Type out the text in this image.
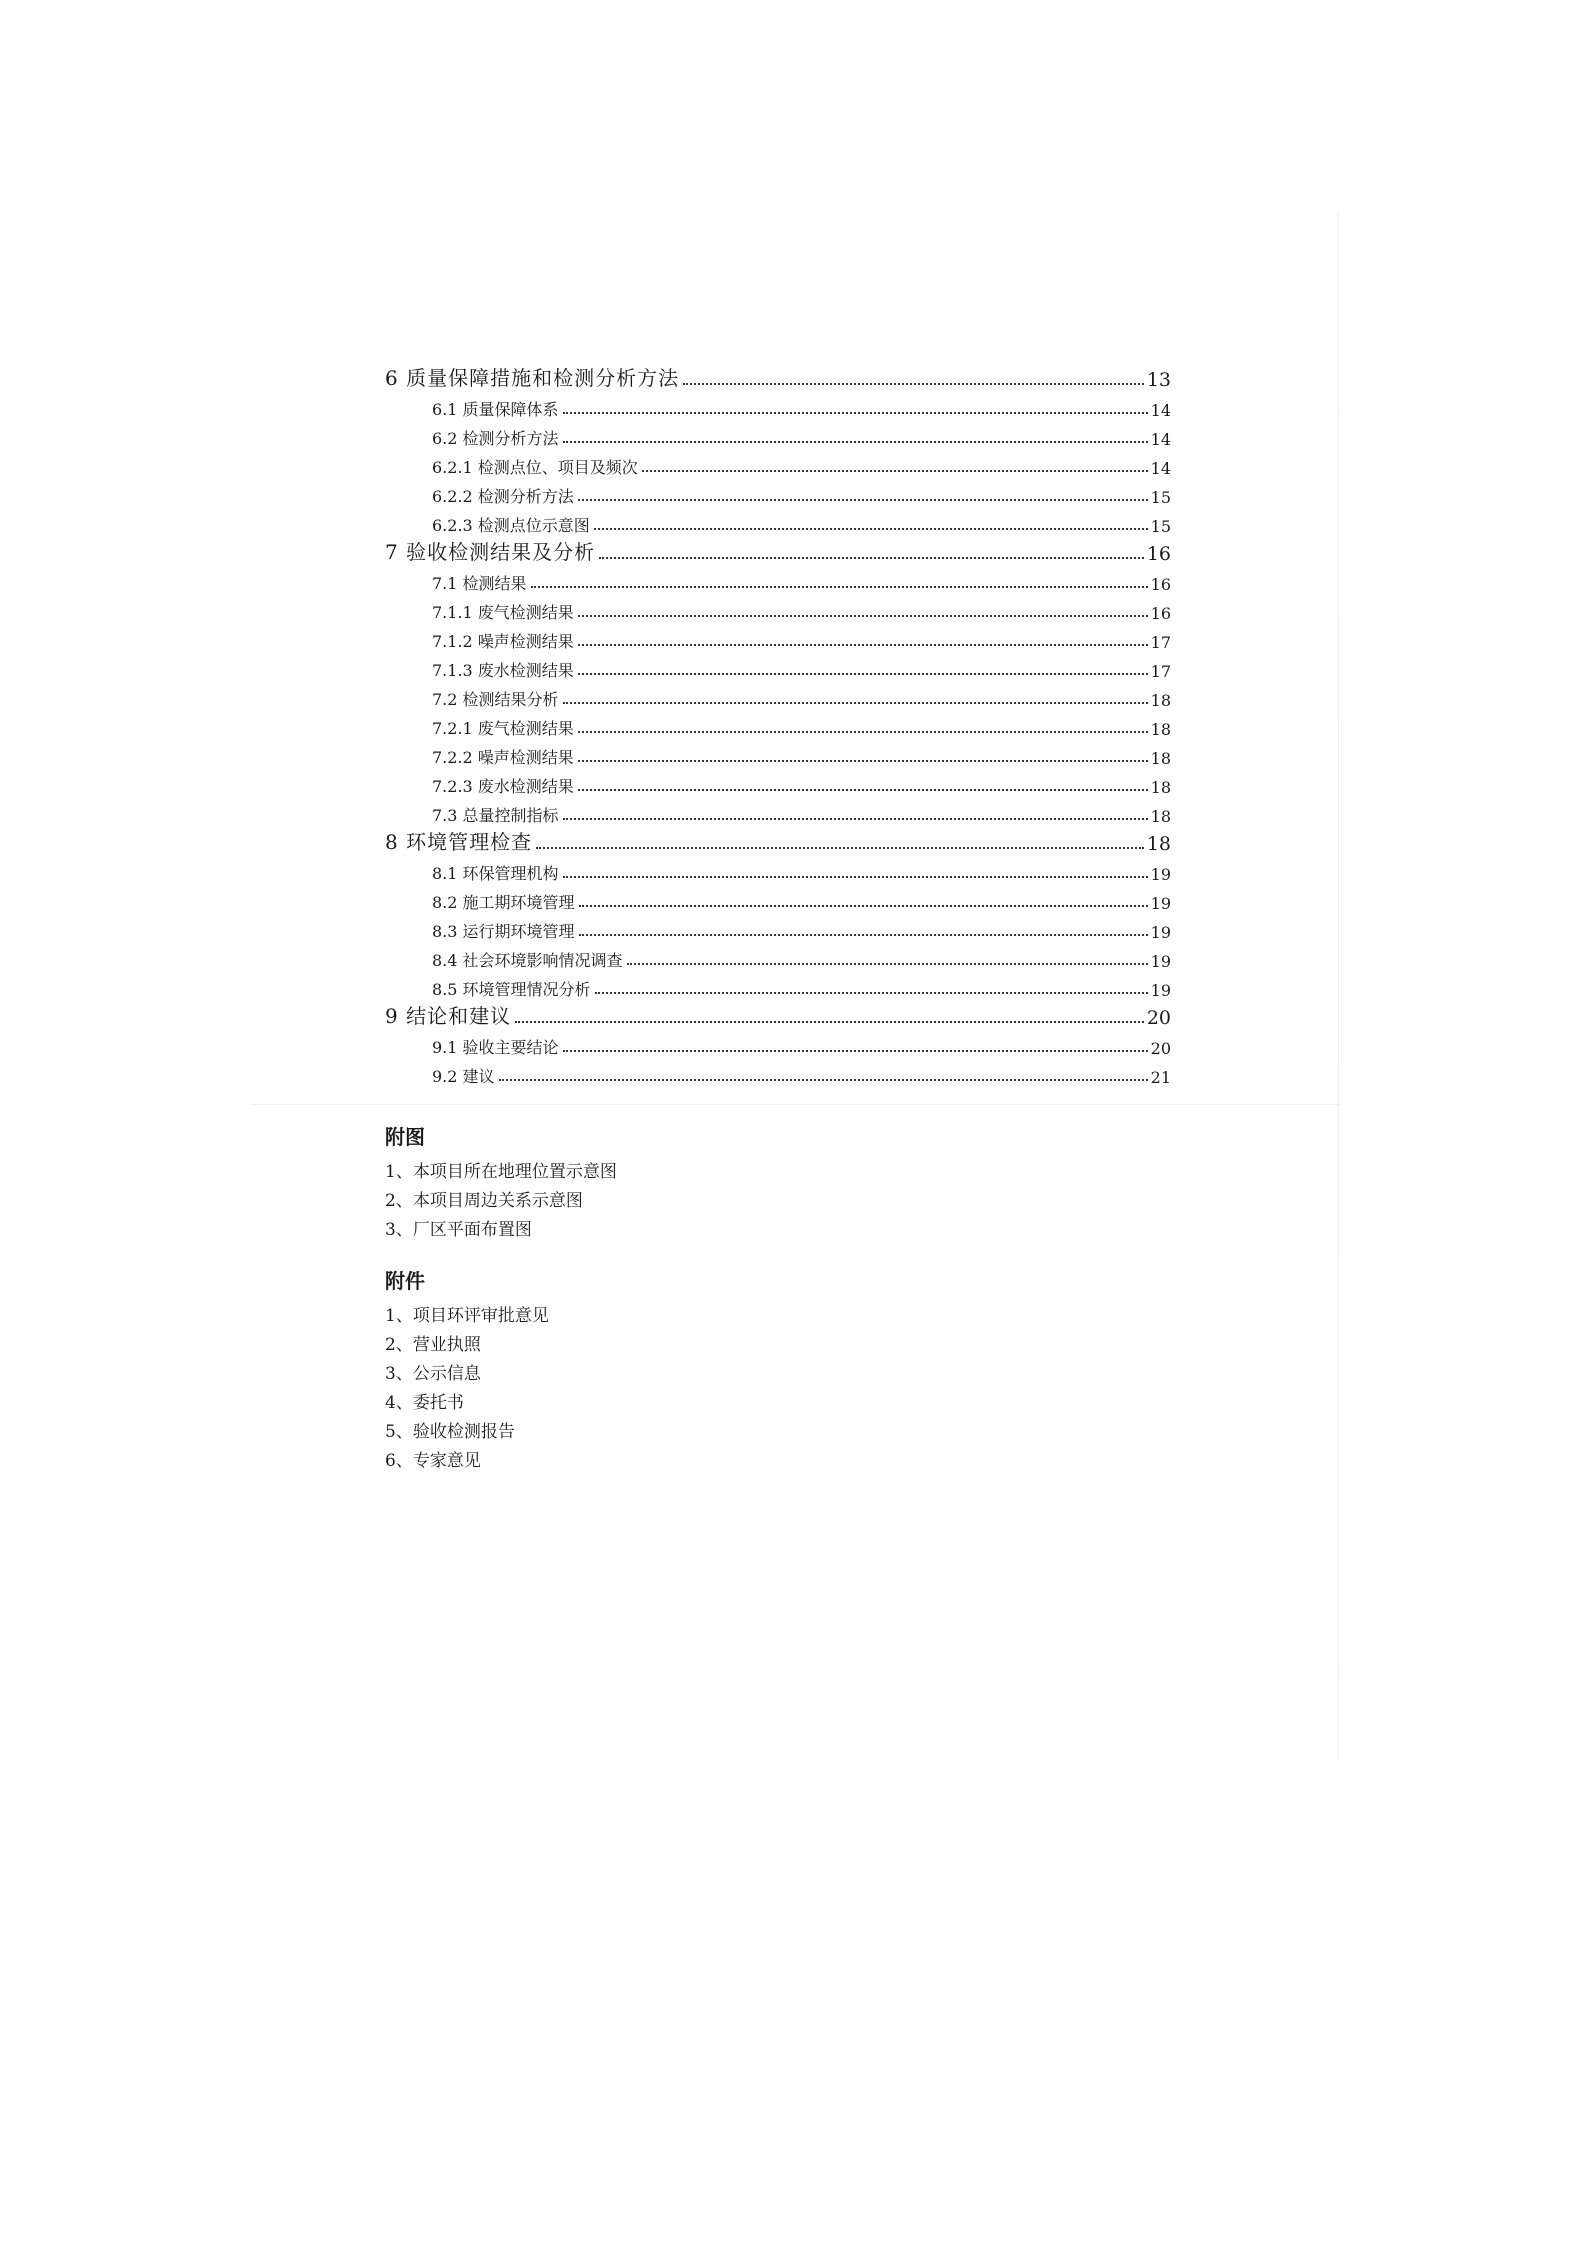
6 质量保障措施和检测分析方法	13
6.1 质量保障体系	14
6.2 检测分析方法	14
6.2.1 检测点位、项目及频次	14
6.2.2 检测分析方法	15
6.2.3 检测点位示意图	15
7 验收检测结果及分析	16
7.1 检测结果	16
7.1.1 废气检测结果	16
7.1.2 噪声检测结果	17
7.1.3 废水检测结果	17
7.2 检测结果分析	18
7.2.1 废气检测结果	18
7.2.2 噪声检测结果	18
7.2.3 废水检测结果	18
7.3 总量控制指标	18
8 环境管理检查	18
8.1 环保管理机构	19
8.2 施工期环境管理	19
8.3 运行期环境管理	19
8.4 社会环境影响情况调查	19
8.5 环境管理情况分析	19
9 结论和建议	20
9.1 验收主要结论	20
9.2 建议	21
附图
1、本项目所在地理位置示意图
2、本项目周边关系示意图
3、厂区平面布置图
附件
1、项目环评审批意见
2、营业执照
3、公示信息
4、委托书
5、验收检测报告
6、专家意见
